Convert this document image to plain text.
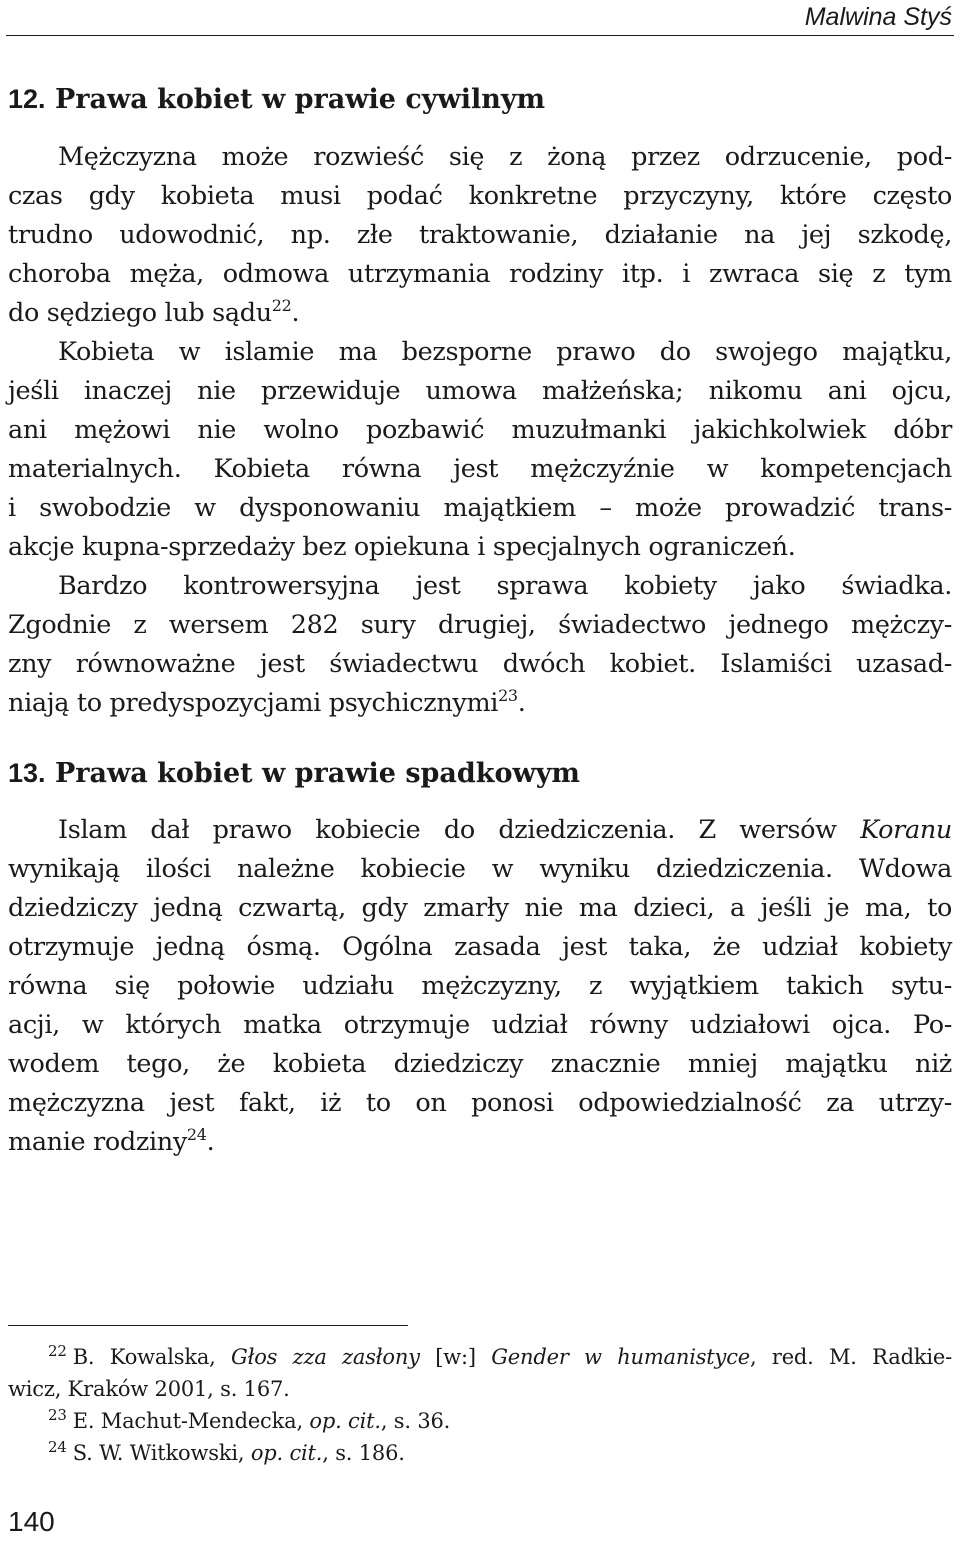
Malwina Styś
12. Prawa kobiet w prawie cywilnym
Mężczyzna może rozwieść się z żoną przez odrzucenie, pod-
czas gdy kobieta musi podać konkretne przyczyny, które często
trudno udowodnić, np. złe traktowanie, działanie na jej szkodę,
choroba męża, odmowa utrzymania rodziny itp. i zwraca się z tym
do sędziego lub sądu$^{22}$.
Kobieta w islamie ma bezsporne prawo do swojego majątku,
jeśli inaczej nie przewiduje umowa małżeńska; nikomu ani ojcu,
ani mężowi nie wolno pozbawić muzułmanki jakichkolwiek dóbr
materialnych. Kobieta równa jest mężczyźnie w kompetencjach
i swobodzie w dysponowaniu majątkiem – może prowadzić trans-
akcje kupna-sprzedaży bez opiekuna i specjalnych ograniczeń.
Bardzo kontrowersyjna jest sprawa kobiety jako świadka.
Zgodnie z wersem 282 sury drugiej, świadectwo jednego mężczy-
zny równoważne jest świadectwu dwóch kobiet. Islamiści uzasad-
niają to predyspozycjami psychicznymi$^{23}$.
13. Prawa kobiet w prawie spadkowym
Islam dał prawo kobiecie do dziedziczenia. Z wersów Koranu
wynikają ilości należne kobiecie w wyniku dziedziczenia. Wdowa
dziedziczy jedną czwartą, gdy zmarły nie ma dzieci, a jeśli je ma, to
otrzymuje jedną ósmą. Ogólna zasada jest taka, że udział kobiety
równa się połowie udziału mężczyzny, z wyjątkiem takich sytu-
acji, w których matka otrzymuje udział równy udziałowi ojca. Po-
wodem tego, że kobieta dziedziczy znacznie mniej majątku niż
mężczyzna jest fakt, iż to on ponosi odpowiedzialność za utrzy-
manie rodziny$^{24}$.
$^{22}$ B. Kowalska, Głos zza zasłony [w:] Gender w humanistyce, red. M. Radkie-
wicz, Kraków 2001, s. 167.
$^{23}$ E. Machut-Mendecka, op. cit., s. 36.
$^{24}$ S. W. Witkowski, op. cit., s. 186.
140
